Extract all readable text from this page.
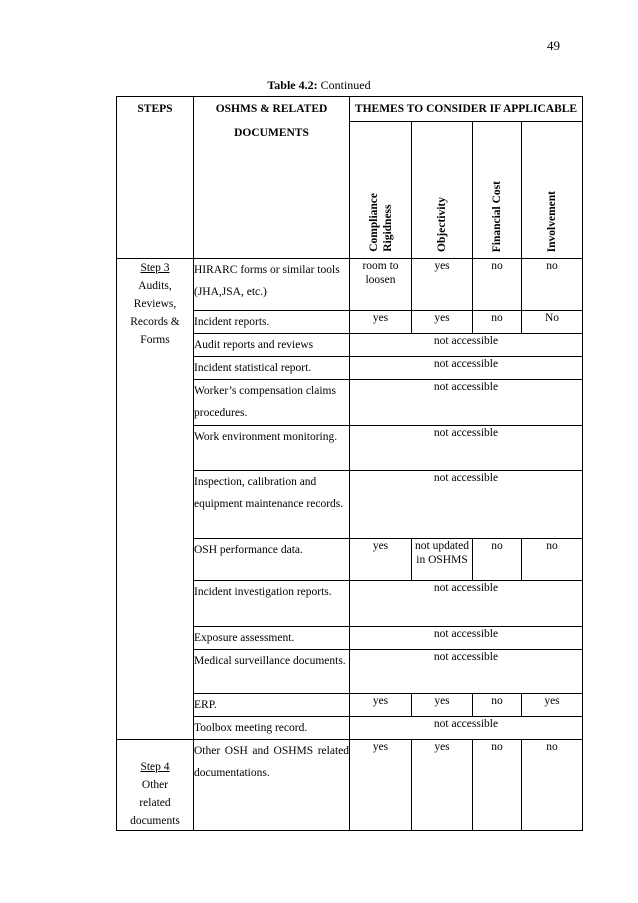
49
Table 4.2: Continued
STEPS	OSHMS & RELATED DOCUMENTS	THEMES TO CONSIDER IF APPLICABLE			

		Compliance Rigidness	Objectivity	Financial Cost	Involvement

Step 3
Audits,
Reviews,
Records &
Forms	HIRARC forms or similar tools (JHA,JSA, etc.)	room to loosen	yes	no	no
	Incident reports.	yes	yes	no	No
	Audit reports and reviews	not accessible			
	Incident statistical report.	not accessible			
	Worker’s compensation claims procedures.	not accessible			
	Work environment monitoring.	not accessible			
	Inspection, calibration and equipment maintenance records.	not accessible			
	OSH performance data.	yes	not updated in OSHMS	no	no
	Incident investigation reports.	not accessible			
	Exposure assessment.	not accessible			
	Medical surveillance documents.	not accessible			
	ERP.	yes	yes	no	yes
	Toolbox meeting record.	not accessible			

Step 4
Other
related
documents	Other OSH and OSHMS related documentations.	yes	yes	no	no
